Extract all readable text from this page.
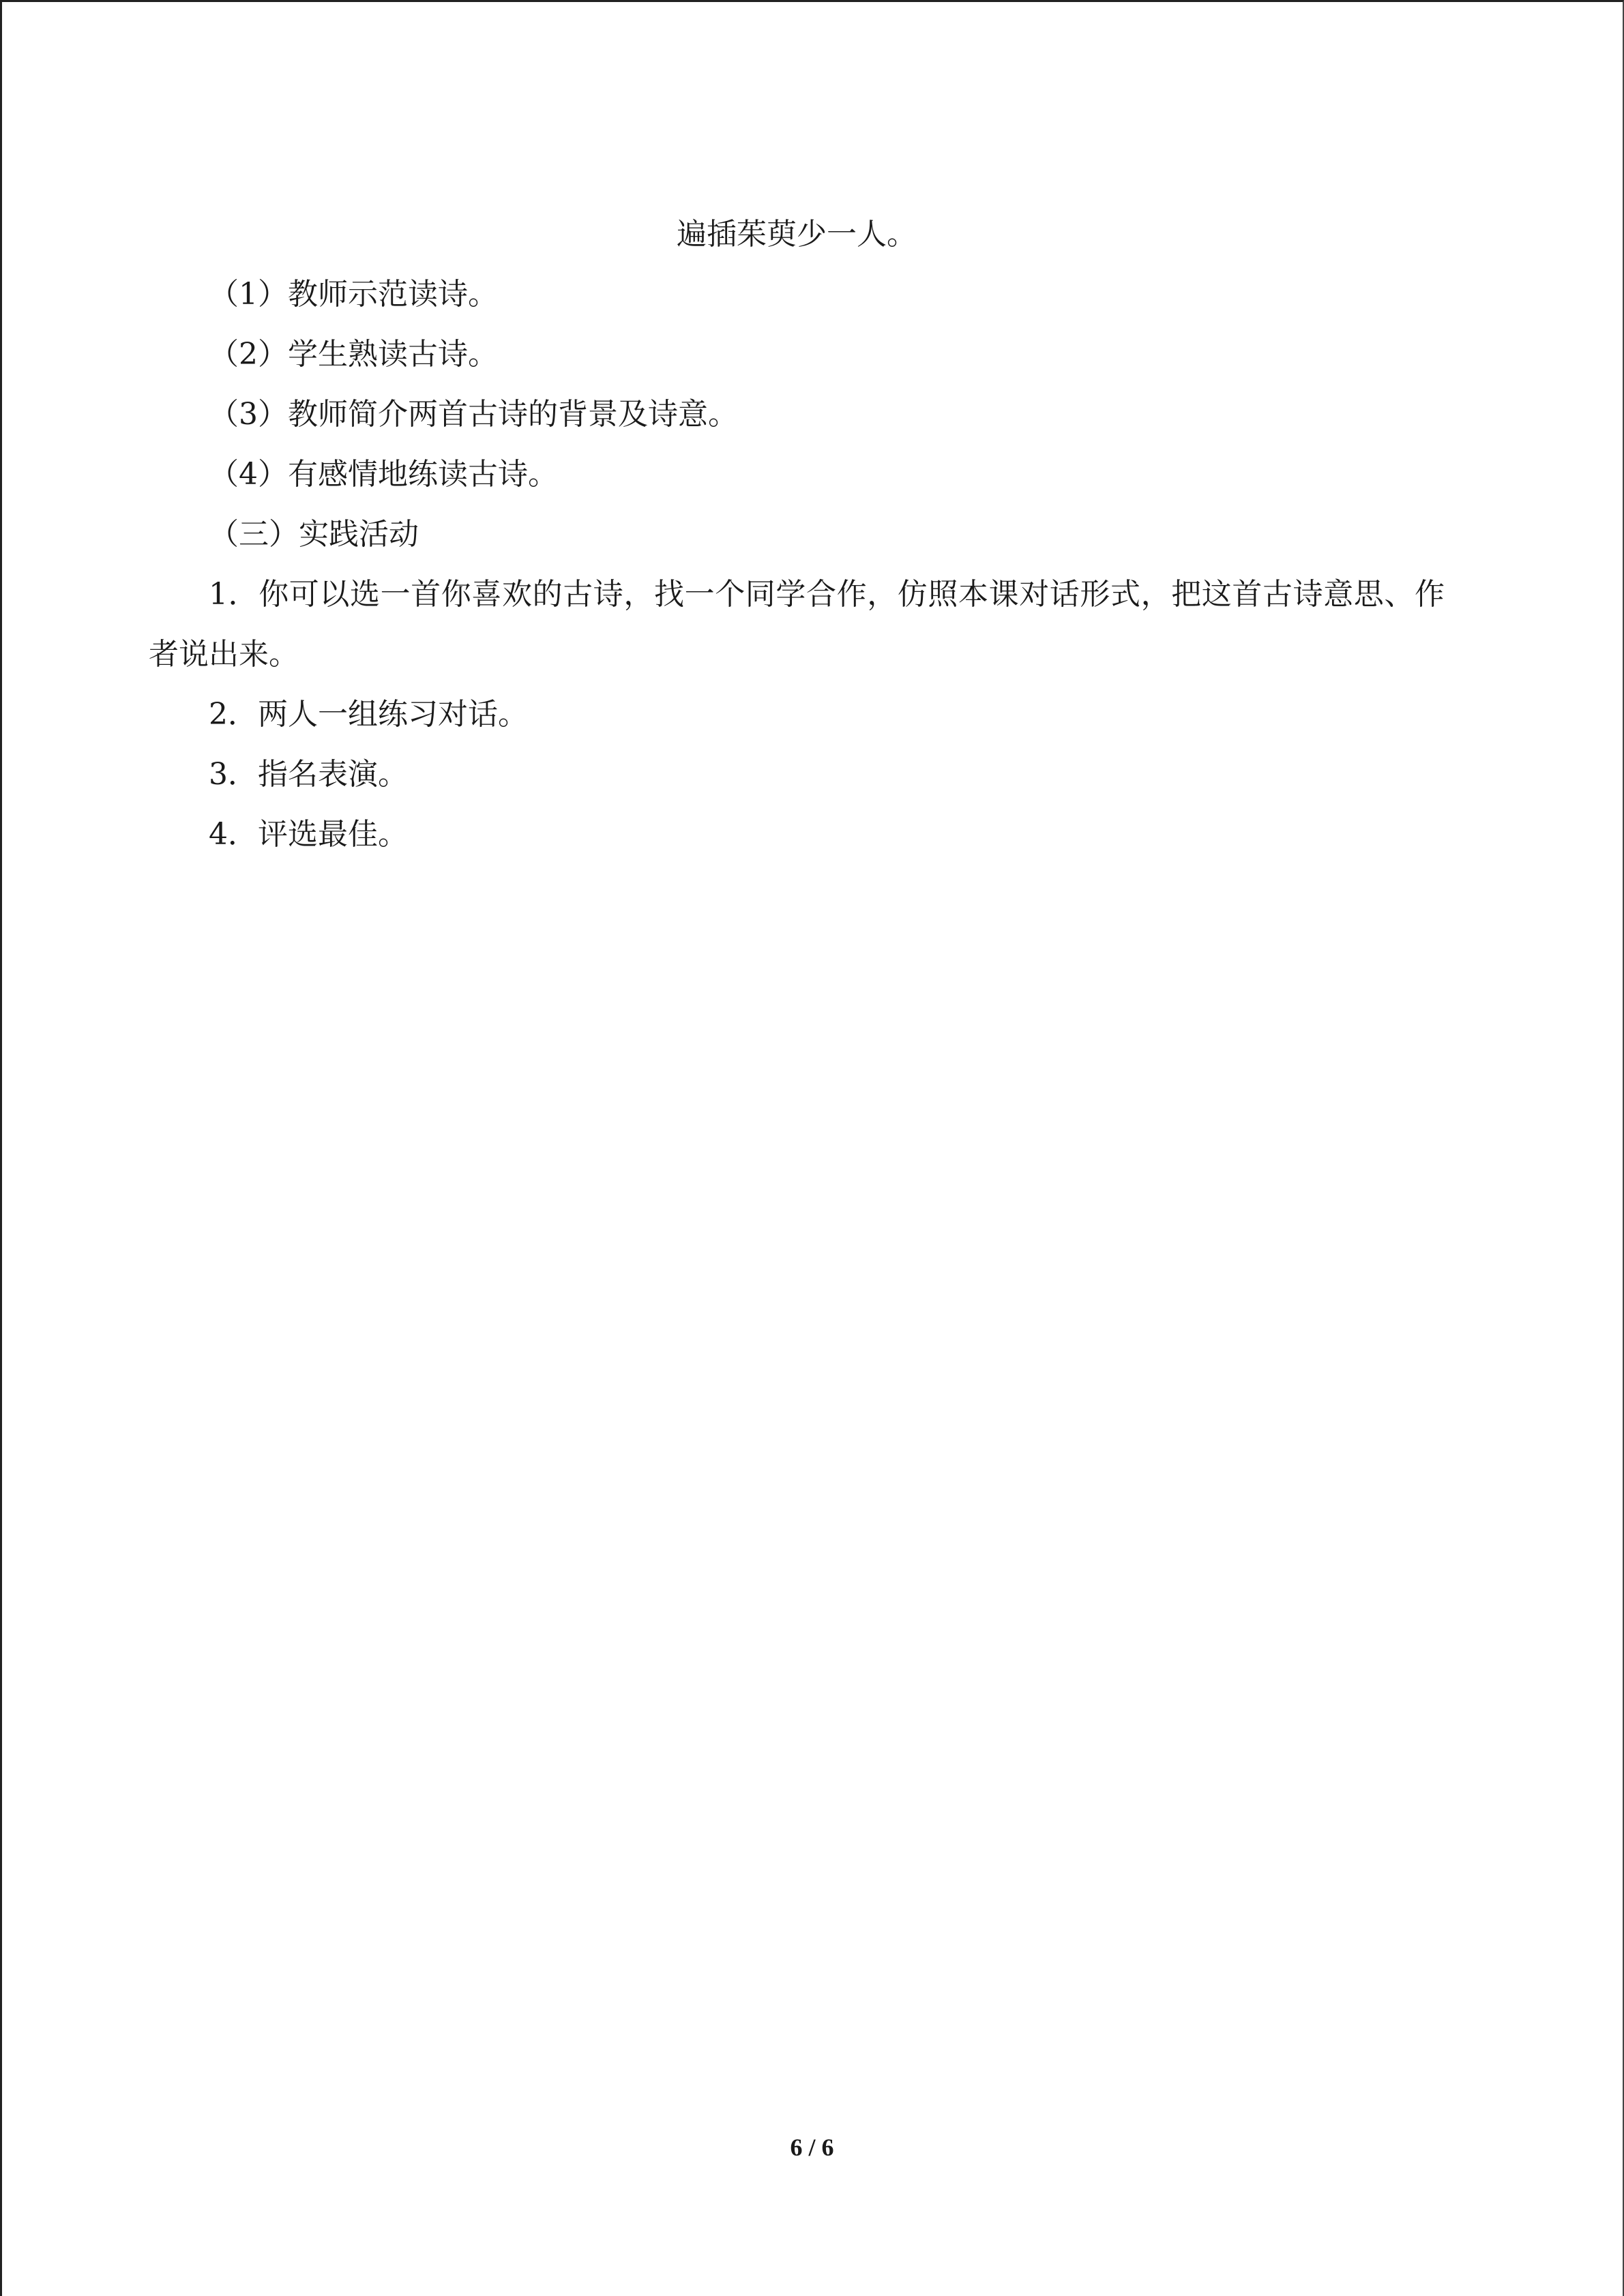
遍插茱萸少一人。
（1）教师示范读诗。
（2）学生熟读古诗。
（3）教师简介两首古诗的背景及诗意。
（4）有感情地练读古诗。
（三）实践活动
1．你可以选一首你喜欢的古诗，找一个同学合作，仿照本课对话形式，把这首古诗意思、作者说出来。
2．两人一组练习对话。
3．指名表演。
4．评选最佳。
6 / 6
